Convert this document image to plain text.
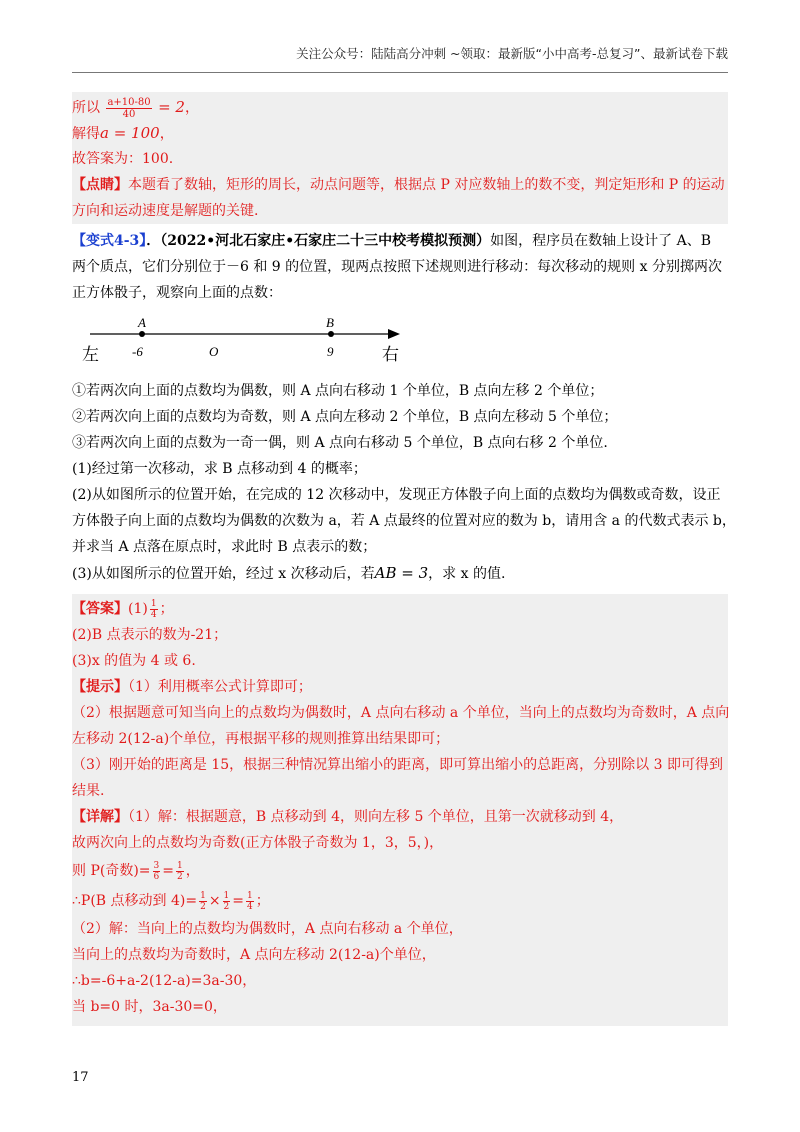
关注公众号：陆陆高分冲刺 ~领取：最新版“小中高考-总复习”、最新试卷下载
所以 $\frac{a+10-80}{40} = 2$，
解得a = 100，
故答案为：100.
【点睛】本题看了数轴，矩形的周长，动点问题等，根据点 P 对应数轴上的数不变，判定矩形和 P 的运动
方向和运动速度是解题的关键.
【变式4-3】．（2022•河北石家庄•石家庄二十三中校考模拟预测）如图，程序员在数轴上设计了 A、B
两个质点，它们分别位于－6 和 9 的位置，现两点按照下述规则进行移动：每次移动的规则 x 分别掷两次
正方体骰子，观察向上面的点数：
A	B
左	-6	O	9	右
①若两次向上面的点数均为偶数，则 A 点向右移动 1 个单位，B 点向左移 2 个单位；
②若两次向上面的点数均为奇数，则 A 点向左移动 2 个单位，B 点向左移动 5 个单位；
③若两次向上面的点数为一奇一偶，则 A 点向右移动 5 个单位，B 点向右移 2 个单位.
(1)经过第一次移动，求 B 点移动到 4 的概率；
(2)从如图所示的位置开始，在完成的 12 次移动中，发现正方体骰子向上面的点数均为偶数或奇数，设正
方体骰子向上面的点数均为偶数的次数为 a，若 A 点最终的位置对应的数为 b，请用含 a 的代数式表示 b，
并求当 A 点落在原点时，求此时 B 点表示的数；
(3)从如图所示的位置开始，经过 x 次移动后，若AB = 3，求 x 的值.
【答案】$(1) \frac{1}{4}$ ；
(2)B 点表示的数为-21；
(3)x 的值为 4 或 6.
【提示】（1）利用概率公式计算即可；
（2）根据题意可知当向上的点数均为偶数时，A 点向右移动 a 个单位，当向上的点数均为奇数时，A 点向
左移动 2(12-a)个单位，再根据平移的规则推算出结果即可；
（3）刚开始的距离是 15，根据三种情况算出缩小的距离，即可算出缩小的总距离，分别除以 3 即可得到
结果.
【详解】（1）解：根据题意，B 点移动到 4，则向左移 5 个单位，且第一次就移动到 4，
故两次向上的点数均为奇数(正方体骰子奇数为 1，3，5，)，
则 P(奇数)= $\frac{3}{6} = \frac{1}{2}$ ，
∴P(B 点移动到 $4)= \frac{1}{2} \times \frac{1}{2} = \frac{1}{4}$ ；
（2）解：当向上的点数均为偶数时，A 点向右移动 a 个单位，
当向上的点数均为奇数时，A 点向左移动 2(12-a)个单位，
∴b=-6+a-2(12-a)=3a-30，
当 b=0 时，3a-30=0，
17
